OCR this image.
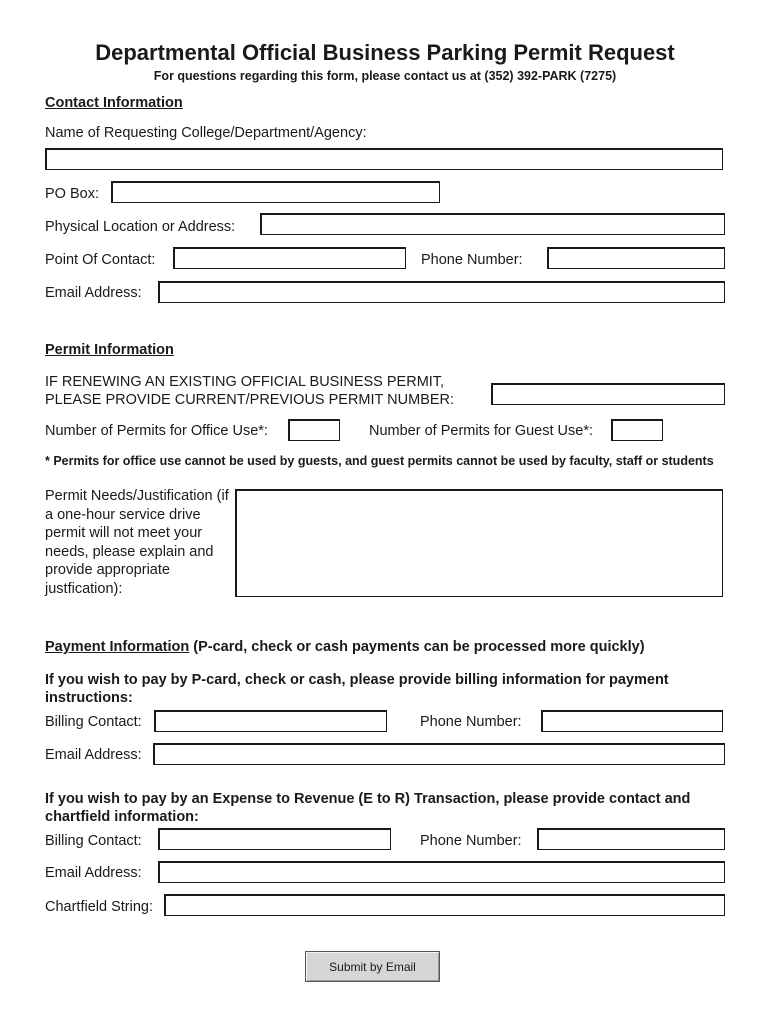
Departmental Official Business Parking Permit Request
For questions regarding this form, please contact us at (352) 392-PARK (7275)
Contact Information
Name of Requesting College/Department/Agency:
PO Box:
Physical Location or Address:
Point Of Contact:	Phone Number:
Email Address:
Permit Information
IF RENEWING AN EXISTING OFFICIAL BUSINESS PERMIT,
PLEASE PROVIDE CURRENT/PREVIOUS PERMIT NUMBER:
Number of Permits for Office Use*:	Number of Permits for Guest Use*:
* Permits for office use cannot be used by guests, and guest permits cannot be used by faculty, staff or students
Permit Needs/Justification (if a one-hour service drive permit will not meet your needs, please explain and provide appropriate justfication):
Payment Information (P-card, check or cash payments can be processed more quickly)
If you wish to pay by P-card, check or cash, please provide billing information for payment instructions:
Billing Contact:	Phone Number:
Email Address:
If you wish to pay by an Expense to Revenue (E to R) Transaction, please provide contact and chartfield information:
Billing Contact:	Phone Number:
Email Address:
Chartfield String:
Submit by Email
